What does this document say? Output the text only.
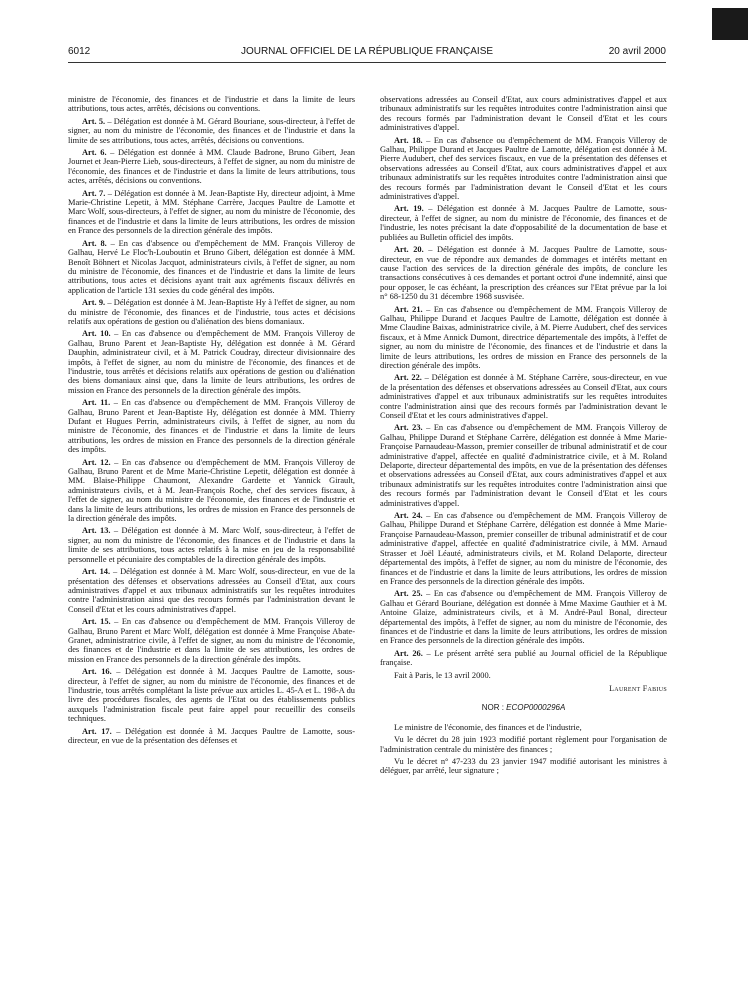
6012	JOURNAL OFFICIEL DE LA RÉPUBLIQUE FRANÇAISE	20 avril 2000

ministre de l'économie, des finances et de l'industrie et dans la limite de leurs attributions, tous actes, arrêtés, décisions ou conventions.

Art. 5. – Délégation est donnée à M. Gérard Bouriane, sous-directeur, à l'effet de signer, au nom du ministre de l'économie, des finances et de l'industrie et dans la limite de ses attributions, tous actes, arrêtés, décisions ou conventions.

Art. 6. – Délégation est donnée à MM. Claude Badrone, Bruno Gibert, Jean Journet et Jean-Pierre Lieb, sous-directeurs, à l'effet de signer, au nom du ministre de l'économie, des finances et de l'industrie et dans la limite de leurs attributions, tous actes, arrêtés, décisions ou conventions.

Art. 7. – Délégation est donnée à M. Jean-Baptiste Hy, directeur adjoint, à Mme Marie-Christine Lepetit, à MM. Stéphane Carrère, Jacques Paultre de Lamotte et Marc Wolf, sous-directeurs, à l'effet de signer, au nom du ministre de l'économie, des finances et de l'industrie et dans la limite de leurs attributions, les ordres de mission en France des personnels de la direction générale des impôts.

Art. 8. – En cas d'absence ou d'empêchement de MM. François Villeroy de Galhau, Hervé Le Floc'h-Louboutin et Bruno Gibert, délégation est donnée à MM. Benoît Böhnert et Nicolas Jacquot, administrateurs civils, à l'effet de signer, au nom du ministre de l'économie, des finances et de l'industrie et dans la limite de leurs attributions, tous actes et décisions ayant trait aux agréments fiscaux délivrés en application de l'article 131 sexies du code général des impôts.

Art. 9. – Délégation est donnée à M. Jean-Baptiste Hy à l'effet de signer, au nom du ministre de l'économie, des finances et de l'industrie, tous actes et décisions relatifs aux opérations de gestion ou d'aliénation des biens domaniaux.

Art. 10. – En cas d'absence ou d'empêchement de MM. François Villeroy de Galhau, Bruno Parent et Jean-Baptiste Hy, délégation est donnée à M. Gérard Dauphin, administrateur civil, et à M. Patrick Coudray, directeur divisionnaire des impôts, à l'effet de signer, au nom du ministre de l'économie, des finances et de l'industrie, tous arrêtés et décisions relatifs aux opérations de gestion ou d'aliénation des biens domaniaux ainsi que, dans la limite de leurs attributions, les ordres de mission en France des personnels de la direction générale des impôts.

Art. 11. – En cas d'absence ou d'empêchement de MM. François Villeroy de Galhau, Bruno Parent et Jean-Baptiste Hy, délégation est donnée à MM. Thierry Dufant et Hugues Perrin, administrateurs civils, à l'effet de signer, au nom du ministre de l'économie, des finances et de l'industrie et dans la limite de leurs attributions, les ordres de mission en France des personnels de la direction générale des impôts.

Art. 12. – En cas d'absence ou d'empêchement de MM. François Villeroy de Galhau, Bruno Parent et de Mme Marie-Christine Lepetit, délégation est donnée à MM. Blaise-Philippe Chaumont, Alexandre Gardette et Yannick Girault, administrateurs civils, et à M. Jean-François Roche, chef des services fiscaux, à l'effet de signer, au nom du ministre de l'économie, des finances et de l'industrie et dans la limite de leurs attributions, les ordres de mission en France des personnels de la direction générale des impôts.

Art. 13. – Délégation est donnée à M. Marc Wolf, sous-directeur, à l'effet de signer, au nom du ministre de l'économie, des finances et de l'industrie et dans la limite de ses attributions, tous actes relatifs à la mise en jeu de la responsabilité personnelle et pécuniaire des comptables de la direction générale des impôts.

Art. 14. – Délégation est donnée à M. Marc Wolf, sous-directeur, en vue de la présentation des défenses et observations adressées au Conseil d'Etat, aux cours administratives d'appel et aux tribunaux administratifs sur les requêtes introduites contre l'administration ainsi que des recours formés par l'administration devant le Conseil d'Etat et les cours administratives d'appel.

Art. 15. – En cas d'absence ou d'empêchement de MM. François Villeroy de Galhau, Bruno Parent et Marc Wolf, délégation est donnée à Mme Françoise Abate-Granet, administratrice civile, à l'effet de signer, au nom du ministre de l'économie, des finances et de l'industrie et dans la limite de ses attributions, les ordres de mission en France des personnels de la direction générale des impôts.

Art. 16. – Délégation est donnée à M. Jacques Paultre de Lamotte, sous-directeur, à l'effet de signer, au nom du ministre de l'économie, des finances et de l'industrie, tous arrêtés complétant la liste prévue aux articles L. 45-A et L. 198-A du livre des procédures fiscales, des agents de l'Etat ou des établissements publics auxquels l'administration fiscale peut faire appel pour recueillir des conseils techniques.

Art. 17. – Délégation est donnée à M. Jacques Paultre de Lamotte, sous-directeur, en vue de la présentation des défenses et

observations adressées au Conseil d'Etat, aux cours administratives d'appel et aux tribunaux administratifs sur les requêtes introduites contre l'administration ainsi que des recours formés par l'administration devant le Conseil d'Etat et les cours administratives d'appel.

Art. 18. – En cas d'absence ou d'empêchement de MM. François Villeroy de Galhau, Philippe Durand et Jacques Paultre de Lamotte, délégation est donnée à M. Pierre Audubert, chef des services fiscaux, en vue de la présentation des défenses et observations adressées au Conseil d'Etat, aux cours administratives d'appel et aux tribunaux administratifs sur les requêtes introduites contre l'administration ainsi que des recours formés par l'administration devant le Conseil d'Etat et les cours administratives d'appel.

Art. 19. – Délégation est donnée à M. Jacques Paultre de Lamotte, sous-directeur, à l'effet de signer, au nom du ministre de l'économie, des finances et de l'industrie, les notes précisant la date d'opposabilité de la documentation de base et publiées au Bulletin officiel des impôts.

Art. 20. – Délégation est donnée à M. Jacques Paultre de Lamotte, sous-directeur, en vue de répondre aux demandes de dommages et intérêts mettant en cause l'action des services de la direction générale des impôts, de conclure les transactions consécutives à ces demandes et portant octroi d'une indemnité, ainsi que pour opposer, le cas échéant, la prescription des créances sur l'Etat prévue par la loi n° 68-1250 du 31 décembre 1968 susvisée.

Art. 21. – En cas d'absence ou d'empêchement de MM. François Villeroy de Galhau, Philippe Durand et Jacques Paultre de Lamotte, délégation est donnée à Mme Claudine Baixas, administratrice civile, à M. Pierre Audubert, chef des services fiscaux, et à Mme Annick Dumont, directrice départementale des impôts, à l'effet de signer, au nom du ministre de l'économie, des finances et de l'industrie et dans la limite de leurs attributions, les ordres de mission en France des personnels de la direction générale des impôts.

Art. 22. – Délégation est donnée à M. Stéphane Carrère, sous-directeur, en vue de la présentation des défenses et observations adressées au Conseil d'Etat, aux cours administratives d'appel et aux tribunaux administratifs sur les requêtes introduites contre l'administration ainsi que des recours formés par l'administration devant le Conseil d'Etat et les cours administratives d'appel.

Art. 23. – En cas d'absence ou d'empêchement de MM. François Villeroy de Galhau, Philippe Durand et Stéphane Carrère, délégation est donnée à Mme Marie-Françoise Parnaudeau-Masson, premier conseiller de tribunal administratif et de cour administrative d'appel, affectée en qualité d'administratrice civile, et à M. Roland Delaporte, directeur départemental des impôts, en vue de la présentation des défenses et observations adressées au Conseil d'Etat, aux cours administratives d'appel et aux tribunaux administratifs sur les requêtes introduites contre l'administration ainsi que des recours formés par l'administration devant le Conseil d'Etat et les cours administratives d'appel.

Art. 24. – En cas d'absence ou d'empêchement de MM. François Villeroy de Galhau, Philippe Durand et Stéphane Carrère, délégation est donnée à Mme Marie-Françoise Parnaudeau-Masson, premier conseiller de tribunal administratif et de cour administrative d'appel, affectée en qualité d'administratrice civile, à MM. Arnaud Strasser et Joël Léauté, administrateurs civils, et M. Roland Delaporte, directeur départemental des impôts, à l'effet de signer, au nom du ministre de l'économie, des finances et de l'industrie et dans la limite de leurs attributions, les ordres de mission en France des personnels de la direction générale des impôts.

Art. 25. – En cas d'absence ou d'empêchement de MM. François Villeroy de Galhau et Gérard Bouriane, délégation est donnée à Mme Maxime Gauthier et à M. Antoine Glaize, administrateurs civils, et à M. André-Paul Bonal, directeur départemental des impôts, à l'effet de signer, au nom du ministre de l'économie, des finances et de l'industrie et dans la limite de leurs attributions, les ordres de mission en France des personnels de la direction générale des impôts.

Art. 26. – Le présent arrêté sera publié au Journal officiel de la République française.

Fait à Paris, le 13 avril 2000.

Laurent Fabius
NOR : ECOP0000296A

Le ministre de l'économie, des finances et de l'industrie,

Vu le décret du 28 juin 1923 modifié portant règlement pour l'organisation de l'administration centrale du ministère des finances ;

Vu le décret n° 47-233 du 23 janvier 1947 modifié autorisant les ministres à déléguer, par arrêté, leur signature ;
